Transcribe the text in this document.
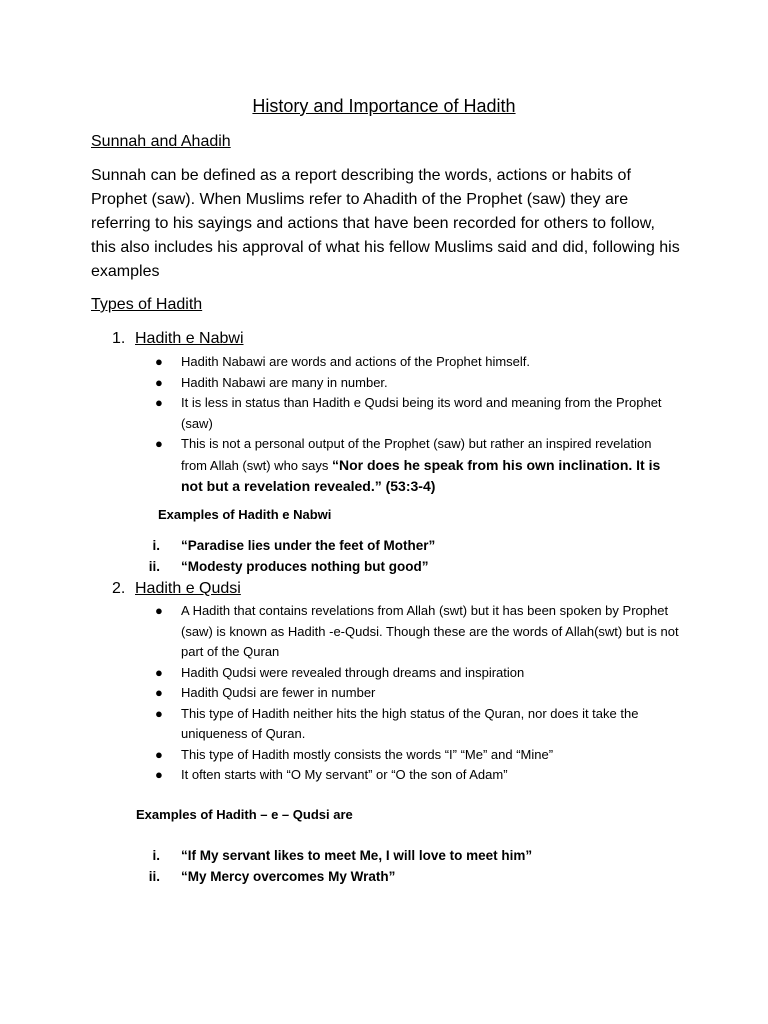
History and Importance of Hadith
Sunnah and Ahadih
Sunnah can be defined as a report describing the words, actions or habits of Prophet (saw). When Muslims refer to Ahadith of the Prophet (saw) they are referring to his sayings and actions that have been recorded for others to follow, this also includes his approval of what his fellow Muslims said and did, following his examples
Types of Hadith
1. Hadith e Nabwi
● Hadith Nabawi are words and actions of the Prophet himself.
● Hadith Nabawi are many in number.
● It is less in status than Hadith e Qudsi being its word and meaning from the Prophet (saw)
● This is not a personal output of the Prophet (saw) but rather an inspired revelation from Allah (swt) who says “Nor does he speak from his own inclination. It is not but a revelation revealed.” (53:3-4)
Examples of Hadith e Nabwi
i. “Paradise lies under the feet of Mother”
ii. “Modesty produces nothing but good”
2. Hadith e Qudsi
● A Hadith that contains revelations from Allah (swt) but it has been spoken by Prophet (saw) is known as Hadith -e-Qudsi. Though these are the words of Allah(swt) but is not part of the Quran
● Hadith Qudsi were revealed through dreams and inspiration
● Hadith Qudsi are fewer in number
● This type of Hadith neither hits the high status of the Quran, nor does it take the uniqueness of Quran.
● This type of Hadith mostly consists the words “I” “Me” and “Mine”
● It often starts with “O My servant” or “O the son of Adam”
Examples of Hadith – e – Qudsi are
i. “If My servant likes to meet Me, I will love to meet him”
ii. “My Mercy overcomes My Wrath”
